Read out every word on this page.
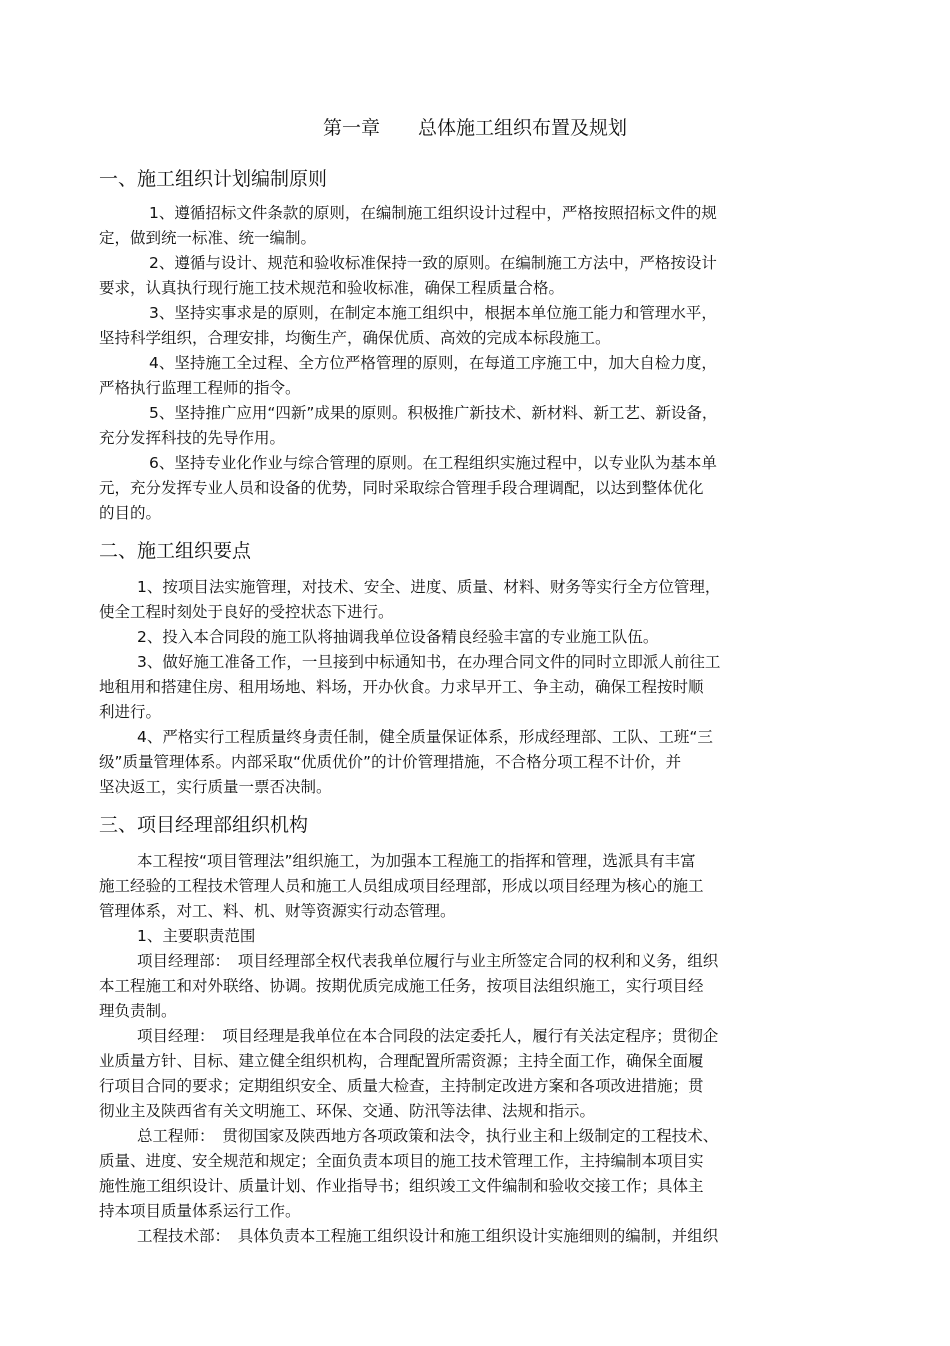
第一章　　总体施工组织布置及规划
一、施工组织计划编制原则
1、遵循招标文件条款的原则，在编制施工组织设计过程中，严格按照招标文件的规
定，做到统一标准、统一编制。
2、遵循与设计、规范和验收标准保持一致的原则。在编制施工方法中，严格按设计
要求，认真执行现行施工技术规范和验收标准，确保工程质量合格。
3、坚持实事求是的原则，在制定本施工组织中，根据本单位施工能力和管理水平，
坚持科学组织，合理安排，均衡生产，确保优质、高效的完成本标段施工。
4、坚持施工全过程、全方位严格管理的原则，在每道工序施工中，加大自检力度，
严格执行监理工程师的指令。
5、坚持推广应用“四新”成果的原则。积极推广新技术、新材料、新工艺、新设备，
充分发挥科技的先导作用。
6、坚持专业化作业与综合管理的原则。在工程组织实施过程中，以专业队为基本单
元，充分发挥专业人员和设备的优势，同时采取综合管理手段合理调配，以达到整体优化
的目的。
二、施工组织要点
1、按项目法实施管理，对技术、安全、进度、质量、材料、财务等实行全方位管理，
使全工程时刻处于良好的受控状态下进行。
2、投入本合同段的施工队将抽调我单位设备精良经验丰富的专业施工队伍。
3、做好施工准备工作，一旦接到中标通知书，在办理合同文件的同时立即派人前往工
地租用和搭建住房、租用场地、料场，开办伙食。力求早开工、争主动，确保工程按时顺
利进行。
4、严格实行工程质量终身责任制，健全质量保证体系，形成经理部、工队、工班“三
级”质量管理体系。内部采取“优质优价”的计价管理措施，不合格分项工程不计价，并
坚决返工，实行质量一票否决制。
三、项目经理部组织机构
本工程按“项目管理法”组织施工，为加强本工程施工的指挥和管理，选派具有丰富
施工经验的工程技术管理人员和施工人员组成项目经理部，形成以项目经理为核心的施工
管理体系，对工、料、机、财等资源实行动态管理。
1、主要职责范围
项目经理部：　项目经理部全权代表我单位履行与业主所签定合同的权利和义务，组织
本工程施工和对外联络、协调。按期优质完成施工任务，按项目法组织施工，实行项目经
理负责制。
项目经理：　项目经理是我单位在本合同段的法定委托人，履行有关法定程序；贯彻企
业质量方针、目标、建立健全组织机构，合理配置所需资源；主持全面工作，确保全面履
行项目合同的要求；定期组织安全、质量大检查，主持制定改进方案和各项改进措施；贯
彻业主及陕西省有关文明施工、环保、交通、防汛等法律、法规和指示。
总工程师：　贯彻国家及陕西地方各项政策和法令，执行业主和上级制定的工程技术、
质量、进度、安全规范和规定；全面负责本项目的施工技术管理工作，主持编制本项目实
施性施工组织设计、质量计划、作业指导书；组织竣工文件编制和验收交接工作；具体主
持本项目质量体系运行工作。
工程技术部：　具体负责本工程施工组织设计和施工组织设计实施细则的编制，并组织
